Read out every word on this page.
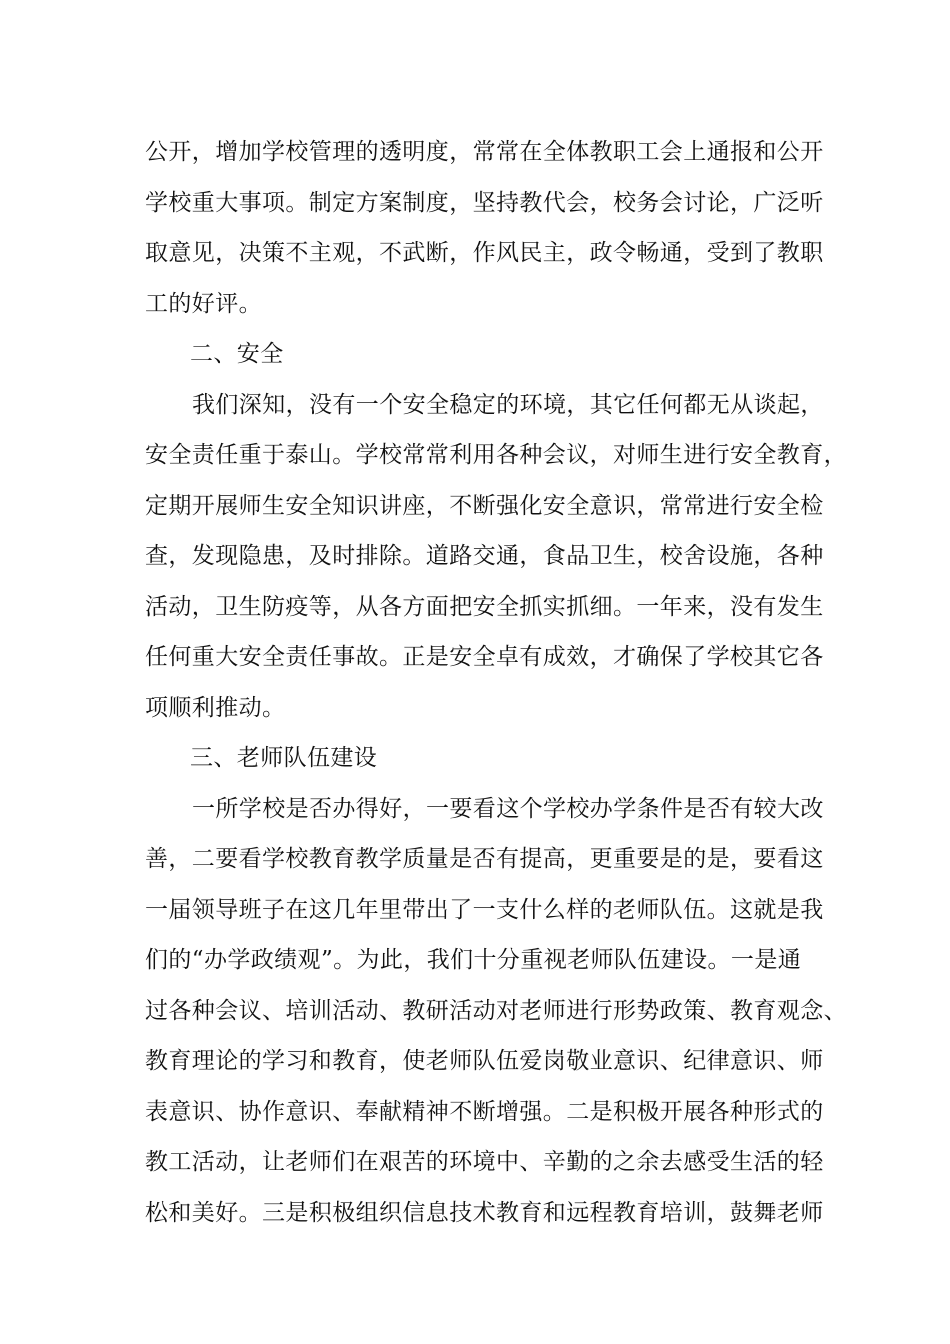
公开，增加学校管理的透明度，常常在全体教职工会上通报和公开
学校重大事项。制定方案制度，坚持教代会，校务会讨论，广泛听
取意见，决策不主观，不武断，作风民主，政令畅通，受到了教职
工的好评。
二、安全
我们深知，没有一个安全稳定的环境，其它任何都无从谈起，
安全责任重于泰山。学校常常利用各种会议，对师生进行安全教育，
定期开展师生安全知识讲座，不断强化安全意识，常常进行安全检
查，发现隐患，及时排除。道路交通，食品卫生，校舍设施，各种
活动，卫生防疫等，从各方面把安全抓实抓细。一年来，没有发生
任何重大安全责任事故。正是安全卓有成效，才确保了学校其它各
项顺利推动。
三、老师队伍建设
一所学校是否办得好，一要看这个学校办学条件是否有较大改
善，二要看学校教育教学质量是否有提高，更重要是的是，要看这
一届领导班子在这几年里带出了一支什么样的老师队伍。这就是我
们的“办学政绩观”。为此，我们十分重视老师队伍建设。一是通
过各种会议、培训活动、教研活动对老师进行形势政策、教育观念、
教育理论的学习和教育，使老师队伍爱岗敬业意识、纪律意识、师
表意识、协作意识、奉献精神不断增强。二是积极开展各种形式的
教工活动，让老师们在艰苦的环境中、辛勤的之余去感受生活的轻
松和美好。三是积极组织信息技术教育和远程教育培训，鼓舞老师
